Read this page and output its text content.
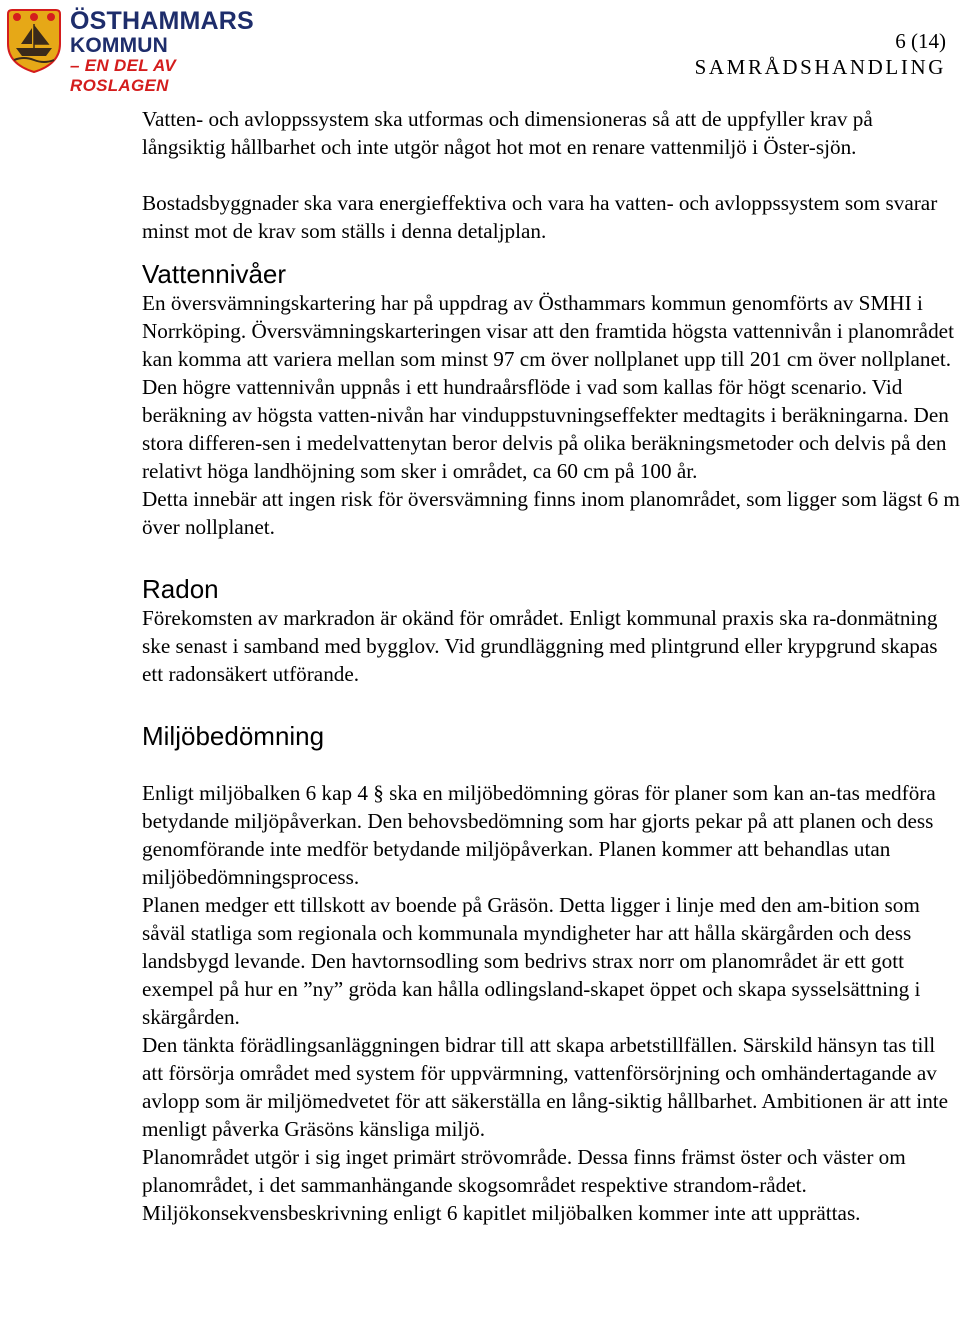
ÖSTHAMMARS
KOMMUN
– EN DEL AV ROSLAGEN
6 (14)
SAMRÅDSHANDLING

Vatten- och avloppssystem ska utformas och dimensioneras så att de uppfyller krav på långsiktig hållbarhet och inte utgör något hot mot en renare vattenmiljö i Öster-sjön.

Bostadsbyggnader ska vara energieffektiva och vara ha vatten- och avloppssystem som svarar minst mot de krav som ställs i denna detaljplan.

Vattennivåer

En översvämningskartering har på uppdrag av Östhammars kommun genomförts av SMHI i Norrköping. Översvämningskarteringen visar att den framtida högsta vattennivån i planområdet kan komma att variera mellan som minst 97 cm över nollplanet upp till 201 cm över nollplanet. Den högre vattennivån uppnås i ett hundraårsflöde i vad som kallas för högt scenario. Vid beräkning av högsta vatten-nivån har vinduppstuvningseffekter medtagits i beräkningarna. Den stora differen-sen i medelvattenytan beror delvis på olika beräkningsmetoder och delvis på den relativt höga landhöjning som sker i området, ca 60 cm på 100 år.

Detta innebär att ingen risk för översvämning finns inom planområdet, som ligger som lägst 6 m över nollplanet.

Radon

Förekomsten av markradon är okänd för området. Enligt kommunal praxis ska ra-donmätning ske senast i samband med bygglov. Vid grundläggning med plintgrund eller krypgrund skapas ett radonsäkert utförande.

Miljöbedömning

Enligt miljöbalken 6 kap 4 § ska en miljöbedömning göras för planer som kan an-tas medföra betydande miljöpåverkan. Den behovsbedömning som har gjorts pekar på att planen och dess genomförande inte medför betydande miljöpåverkan. Planen kommer att behandlas utan miljöbedömningsprocess.

Planen medger ett tillskott av boende på Gräsön. Detta ligger i linje med den am-bition som såväl statliga som regionala och kommunala myndigheter har att hålla skärgården och dess landsbygd levande. Den havtornsodling som bedrivs strax norr om planområdet är ett gott exempel på hur en ”ny” gröda kan hålla odlingsland-skapet öppet och skapa sysselsättning i skärgården.

Den tänkta förädlingsanläggningen bidrar till att skapa arbetstillfällen. Särskild hänsyn tas till att försörja området med system för uppvärmning, vattenförsörjning och omhändertagande av avlopp som är miljömedvetet för att säkerställa en lång-siktig hållbarhet. Ambitionen är att inte menligt påverka Gräsöns känsliga miljö.

Planområdet utgör i sig inget primärt strövområde. Dessa finns främst öster och väster om planområdet, i det sammanhängande skogsområdet respektive strandom-rådet. Miljökonsekvensbeskrivning enligt 6 kapitlet miljöbalken kommer inte att upprättas.
